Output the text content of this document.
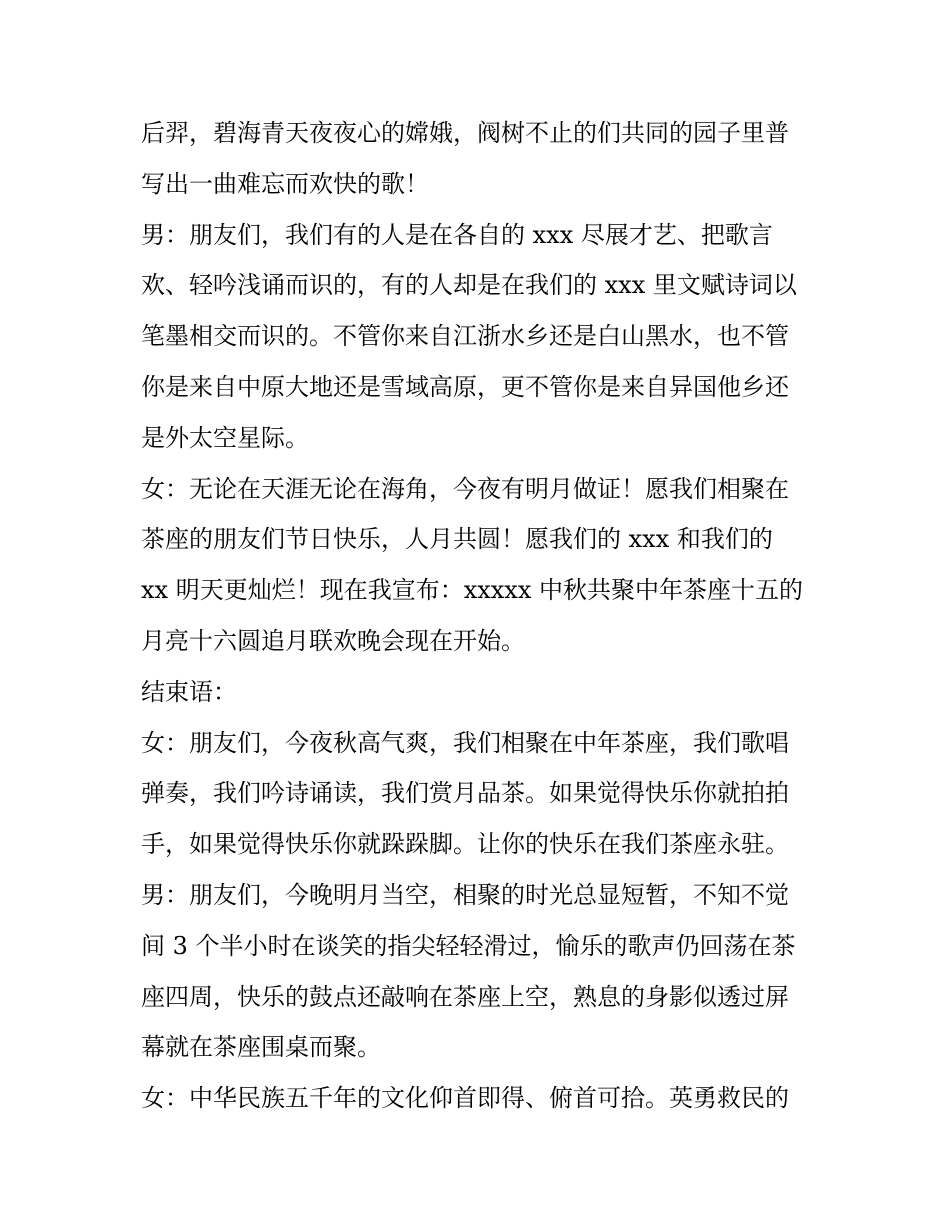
后羿，碧海青天夜夜心的嫦娥，阀树不止的们共同的园子里普
写出一曲难忘而欢快的歌！
男：朋友们，我们有的人是在各自的 xxx 尽展才艺、把歌言
欢、轻吟浅诵而识的，有的人却是在我们的 xxx 里文赋诗词以
笔墨相交而识的。不管你来自江浙水乡还是白山黑水，也不管
你是来自中原大地还是雪域高原，更不管你是来自异国他乡还
是外太空星际。
女：无论在天涯无论在海角，今夜有明月做证！愿我们相聚在
茶座的朋友们节日快乐，人月共圆！愿我们的 xxx 和我们的
xx 明天更灿烂！现在我宣布：xxxxx 中秋共聚中年茶座十五的
月亮十六圆追月联欢晚会现在开始。
结束语：
女：朋友们，今夜秋高气爽，我们相聚在中年茶座，我们歌唱
弹奏，我们吟诗诵读，我们赏月品茶。如果觉得快乐你就拍拍
手，如果觉得快乐你就跺跺脚。让你的快乐在我们茶座永驻。
男：朋友们，今晚明月当空，相聚的时光总显短暂，不知不觉
间 3 个半小时在谈笑的指尖轻轻滑过，愉乐的歌声仍回荡在茶
座四周，快乐的鼓点还敲响在茶座上空，熟息的身影似透过屏
幕就在茶座围桌而聚。
女：中华民族五千年的文化仰首即得、俯首可拾。英勇救民的
